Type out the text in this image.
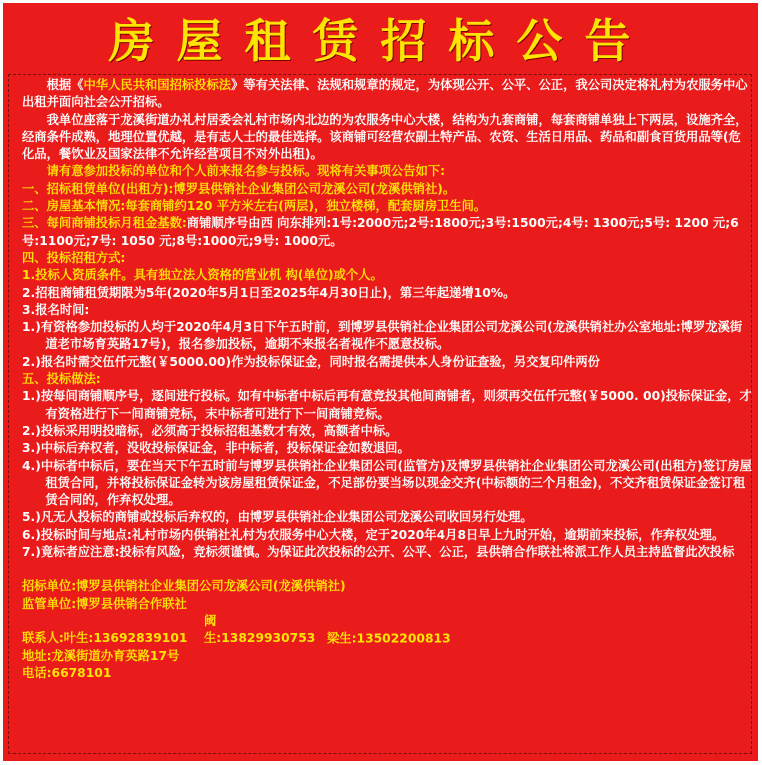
房屋租赁招标公告

根据《中华人民共和国招标投标法》等有关法律、法规和规章的规定，为体现公开、公平、公正，我公司决定将礼村为农服务中心出租并面向社会公开招标。

我单位座落于龙溪街道办礼村居委会礼村市场内北边的为农服务中心大楼，结构为九套商铺，每套商铺单独上下两层，设施齐全，经商条件成熟，地理位置优越，是有志人士的最佳选择。该商铺可经营农副土特产品、农资、生活日用品、药品和副食百货用品等(危化品，餐饮业及国家法律不允许经营项目不对外出租)。

请有意参加投标的单位和个人前来报名参与投标。现将有关事项公告如下:

一、招标租赁单位(出租方):博罗县供销社企业集团公司龙溪公司(龙溪供销社)。

二、房屋基本情况:每套商铺约120 平方米左右(两层)，独立楼梯，配套厨房卫生间。

三、每间商铺投标月租金基数:商铺顺序号由西 向东排列:1号:2000元;2号:1800元;3号:1500元;4号: 1300元;5号: 1200 元;6号:1100元;7号: 1050 元;8号:1000元;9号: 1000元。

四、投标招租方式:

1.投标人资质条件。具有独立法人资格的营业机 构(单位)或个人。

2.招租商铺租赁期限为5年(2020年5月1日至2025年4月30日止)，第三年起递增10%。

3.报名时间:

1.)有资格参加投标的人均于2020年4月3日下午五时前，到博罗县供销社企业集团公司龙溪公司(龙溪供销社办公室地址:博罗龙溪街道老市场育英路17号)，报名参加投标，逾期不来报名者视作不愿意投标。

2.)报名时需交伍仟元整(￥5000.00)作为投标保证金，同时报名需提供本人身份证查验，另交复印件两份

五、投标做法:

1.)按每间商铺顺序号，逐间进行投标。如有中标者中标后再有意竞投其他间商铺者，则须再交伍仟元整(￥5000. 00)投标保证金，才有资格进行下一间商铺竞标，末中标者可进行下一间商铺竞标。

2.)投标采用明投暗标，必须高于投标招租基数才有效，高额者中标。

3.)中标后弃权者，没收投标保证金，非中标者，投标保证金如数退回。

4.)中标者中标后，要在当天下午五时前与博罗县供销社企业集团公司(监管方)及博罗县供销社企业集团公司龙溪公司(出租方)签订房屋租赁合同，并将投标保证金转为该房屋租赁保证金，不足部份要当场以现金交齐(中标额的三个月租金)，不交齐租赁保证金签订租赁合同的，作弃权处理。

5.)凡无人投标的商铺或投标后弃权的，由博罗县供销社企业集团公司龙溪公司收回另行处理。

6.)投标时间与地点:礼村市场内供销社礼村为农服务中心大楼，定于2020年4月8日早上九时开始，逾期前来投标，作弃权处理。

7.)竟标者应注意:投标有风险，竞标须谨慎。为保证此次投标的公开、公平、公正，县供销合作联社将派工作人员主持监督此次投标

招标单位:博罗县供销社企业集团公司龙溪公司(龙溪供销社)

监管单位:博罗县供销合作联社

联系人:叶生:13692839101阈生:13829930753 梁生:13502200813

地址:龙溪街道办育英路17号

电话:6678101
